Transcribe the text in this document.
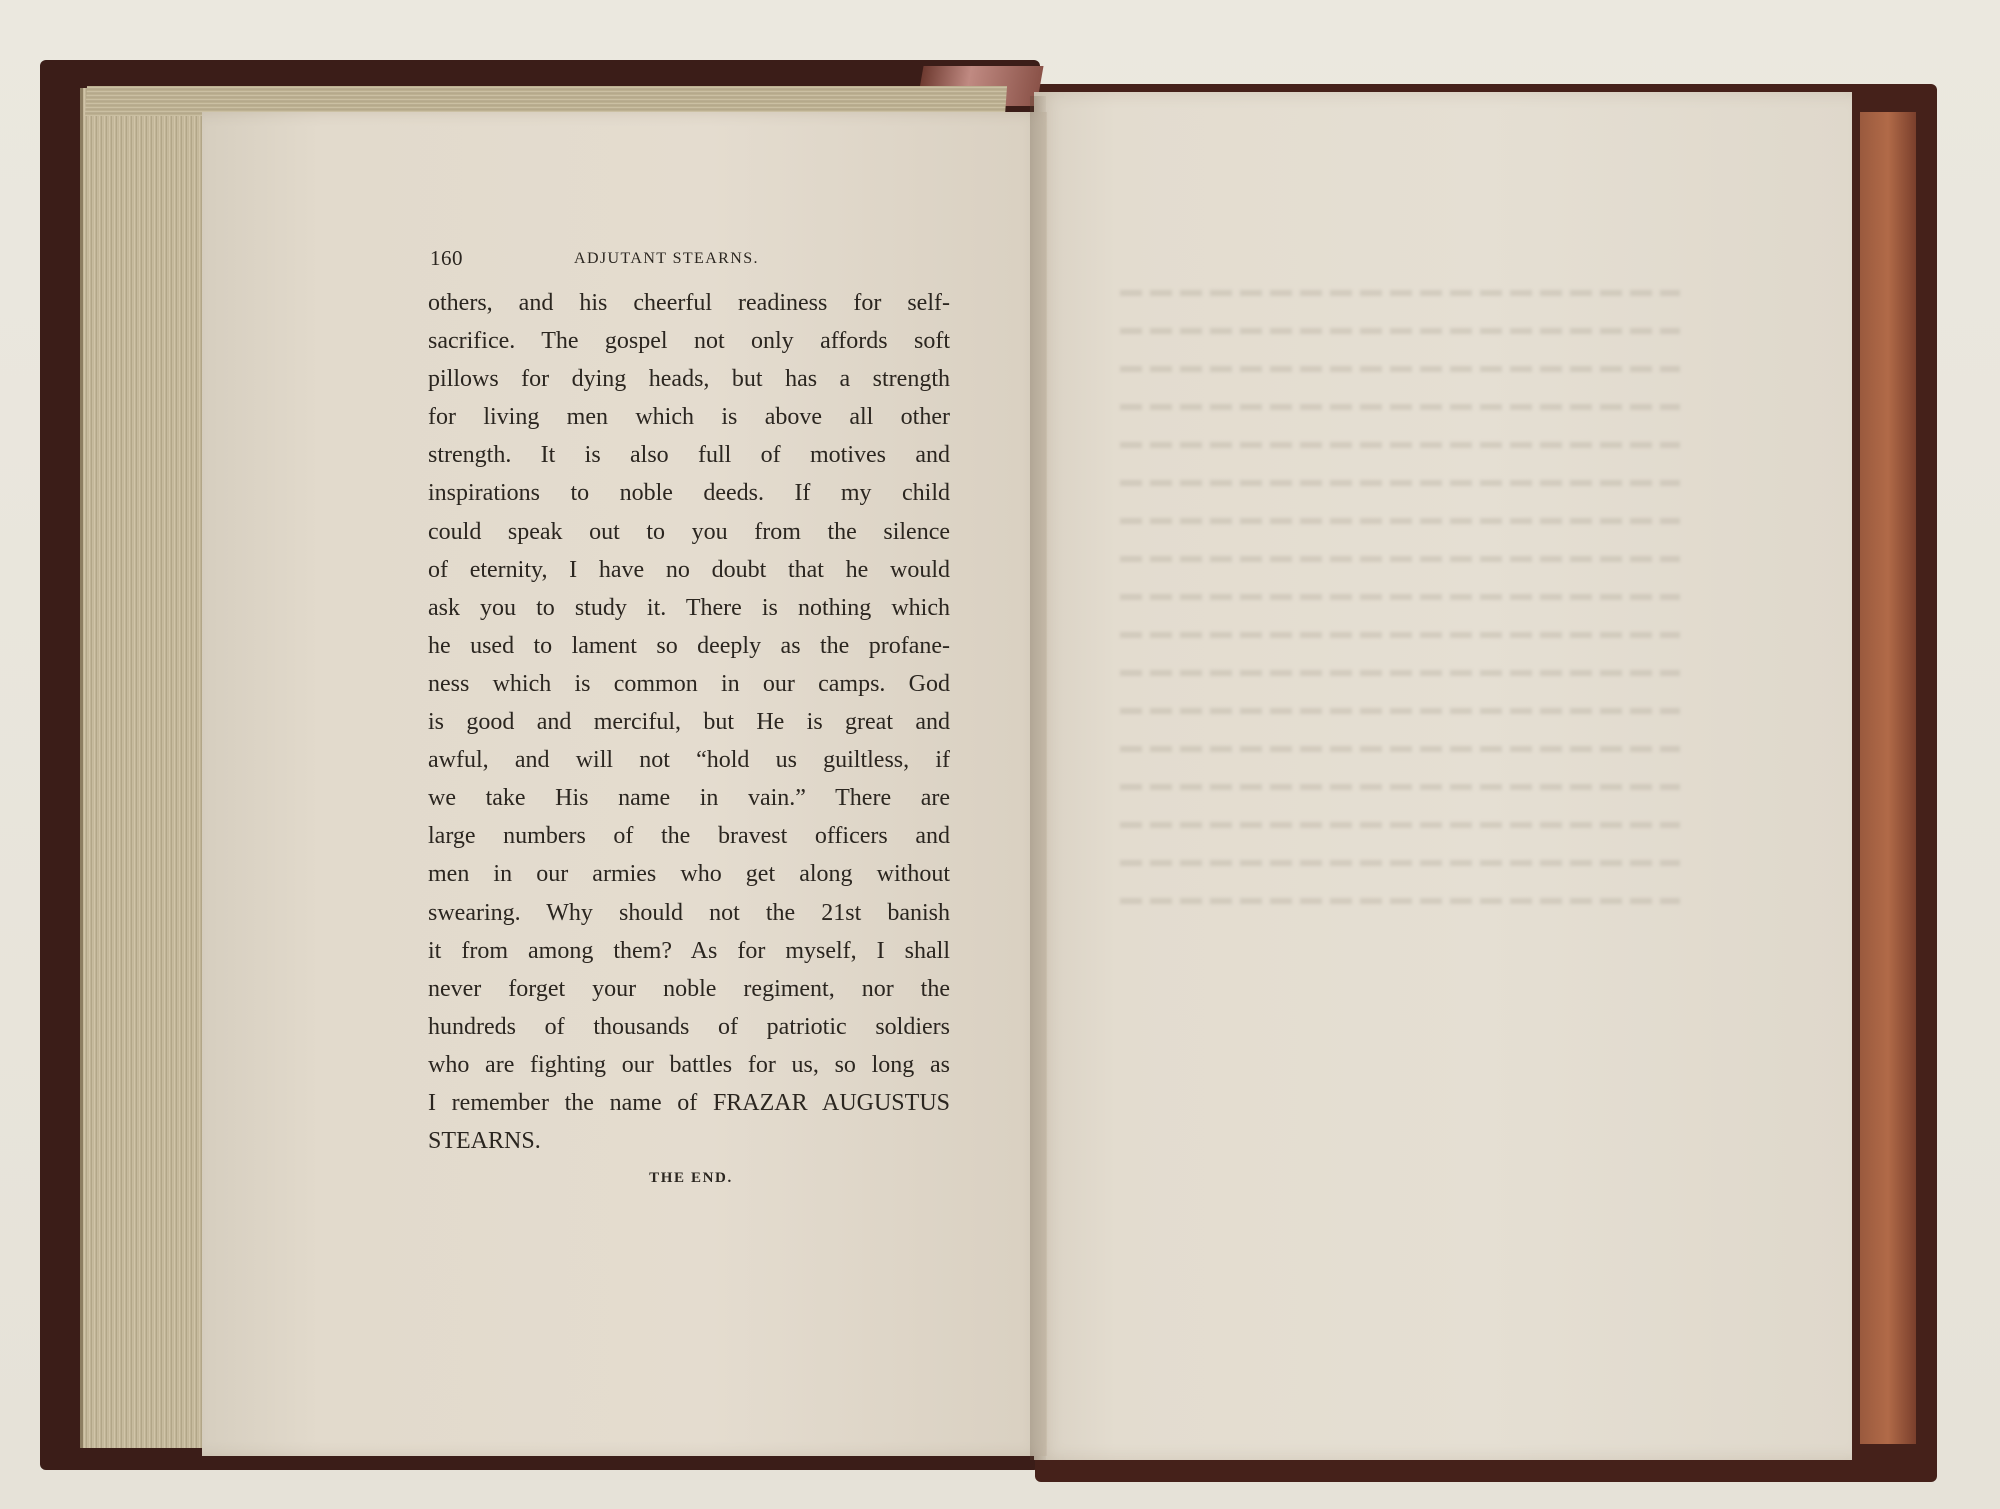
160	ADJUTANT STEARNS.
others, and his cheerful readiness for self-
sacrifice. The gospel not only affords soft
pillows for dying heads, but has a strength
for living men which is above all other
strength. It is also full of motives and
inspirations to noble deeds. If my child
could speak out to you from the silence
of eternity, I have no doubt that he would
ask you to study it. There is nothing which
he used to lament so deeply as the profane-
ness which is common in our camps. God
is good and merciful, but He is great and
awful, and will not “hold us guiltless, if
we take His name in vain.” There are
large numbers of the bravest officers and
men in our armies who get along without
swearing. Why should not the 21st banish
it from among them? As for myself, I shall
never forget your noble regiment, nor the
hundreds of thousands of patriotic soldiers
who are fighting our battles for us, so long as
I remember the name of FRAZAR AUGUSTUS
STEARNS.
THE END.
